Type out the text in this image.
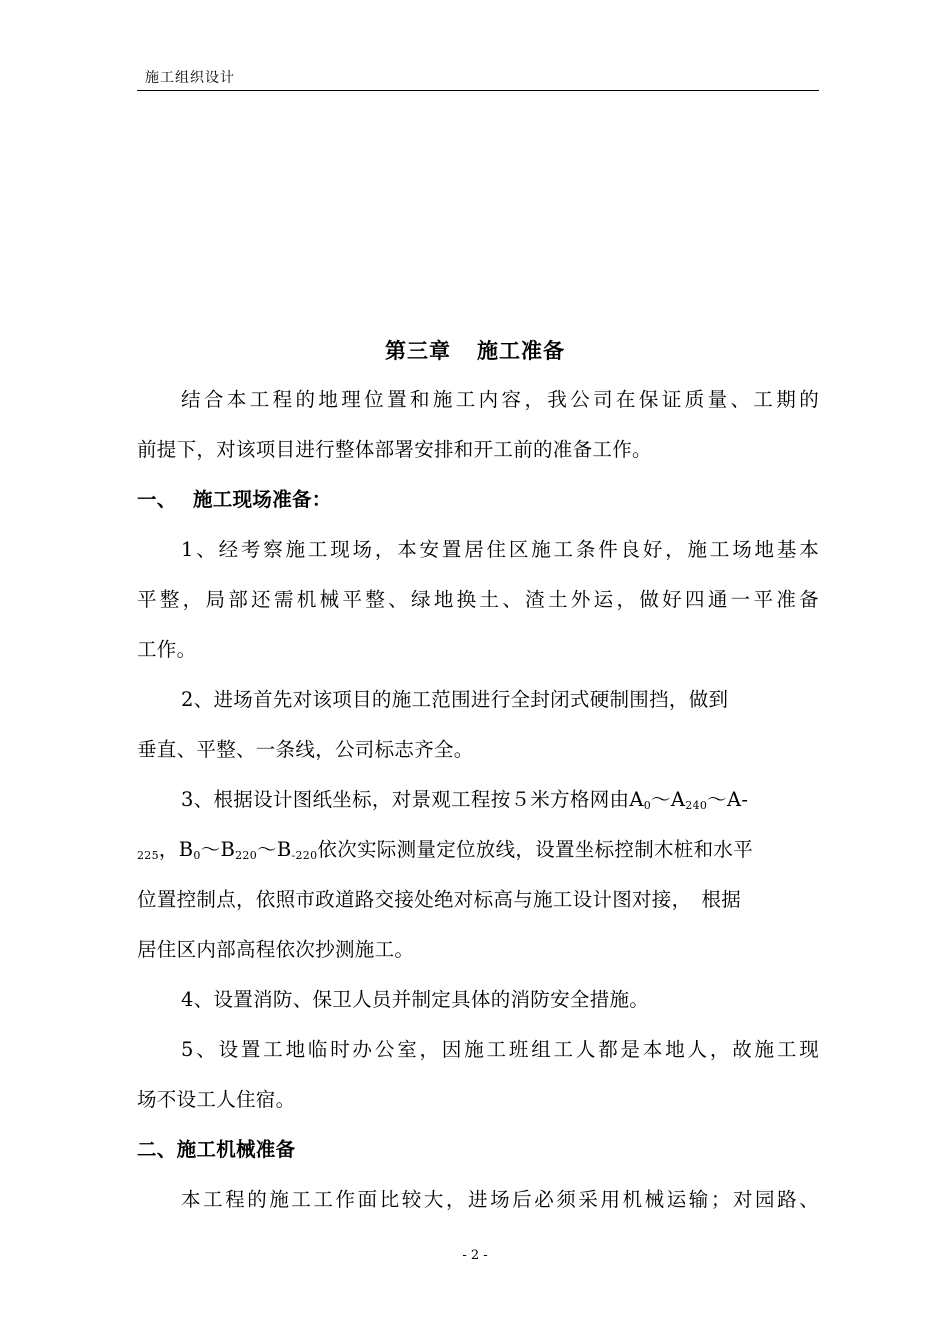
施工组织设计
第三章 施工准备
结合本工程的地理位置和施工内容，我公司在保证质量、工期的
前提下，对该项目进行整体部署安排和开工前的准备工作。
一、 施工现场准备：
1、经考察施工现场，本安置居住区施工条件良好，施工场地基本
平整，局部还需机械平整、绿地换土、渣土外运，做好四通一平准备
工作。
2、进场首先对该项目的施工范围进行全封闭式硬制围挡，做到
垂直、平整、一条线，公司标志齐全。
3、根据设计图纸坐标，对景观工程按５米方格网由$A_0\sim A_{240}\sim A-$
$_{225}$，$B_0\sim B_{220}\sim B_{-220}$依次实际测量定位放线，设置坐标控制木桩和水平
位置控制点，依照市政道路交接处绝对标高与施工设计图对接，　根据
居住区内部高程依次抄测施工。
4、设置消防、保卫人员并制定具体的消防安全措施。
5、设置工地临时办公室，因施工班组工人都是本地人，故施工现
场不设工人住宿。
二、施工机械准备
本工程的施工工作面比较大，进场后必须采用机械运输；对园路、
- 2 -
